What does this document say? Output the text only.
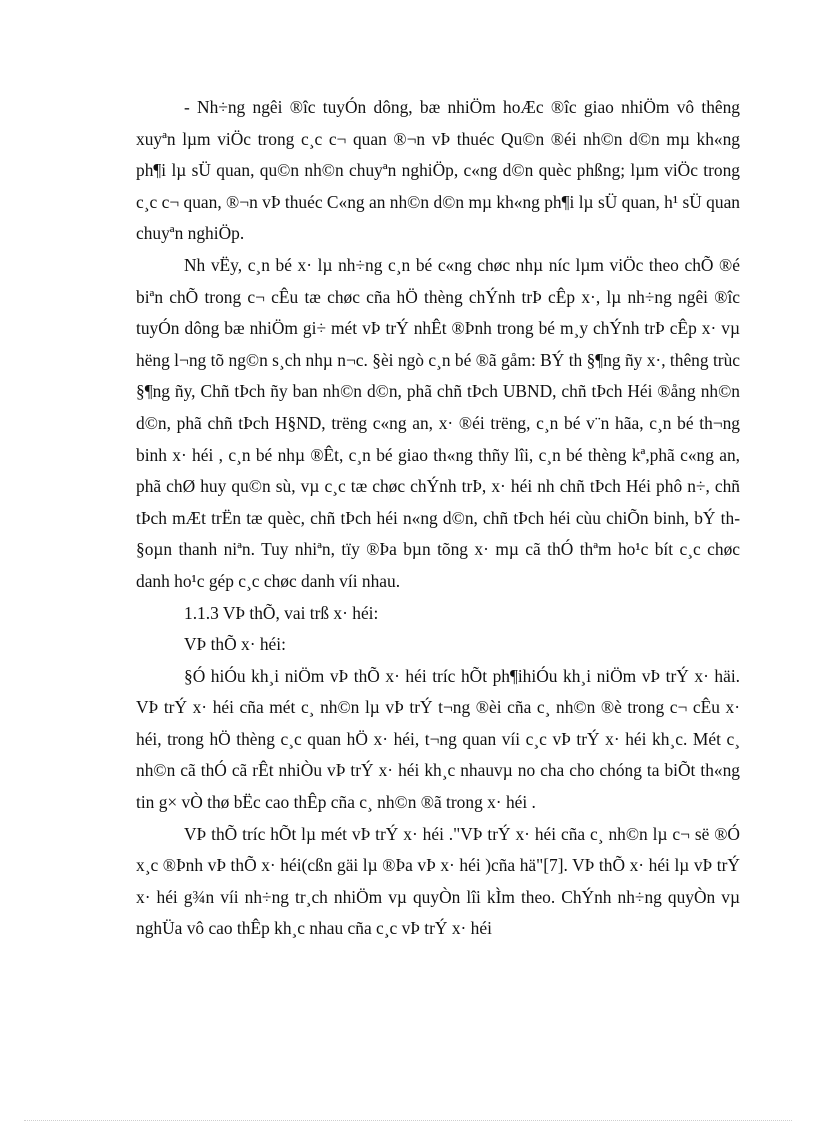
- Nh÷ng ngêi ®îc tuyÓn dông, bæ nhiÖm hoÆc ®îc giao nhiÖm vô thêng xuyªn lµm viÖc trong c¸c c¬ quan ®¬n vÞ thuéc Qu©n ®éi nh©n d©n mµ kh«ng ph¶i lµ sÜ quan, qu©n nh©n chuyªn nghiÖp, c«ng d©n quèc phßng; lµm viÖc trong c¸c c¬ quan, ®¬n vÞ thuéc C«ng an nh©n d©n mµ kh«ng ph¶i lµ sÜ quan, h¹ sÜ quan chuyªn nghiÖp.

Nh vËy, c¸n bé x· lµ nh÷ng c¸n bé c«ng chøc nhµ níc lµm viÖc theo chÕ ®é biªn chÕ trong c¬ cÊu tæ chøc cña hÖ thèng chÝnh trÞ cÊp x·, lµ nh÷ng ngêi ®îc tuyÓn dông bæ nhiÖm gi÷ mét vÞ trÝ nhÊt ®Þnh trong bé m¸y chÝnh trÞ cÊp x· vµ hëng l¬ng tõ ng©n s¸ch nhµ n¬c. §èi ngò c¸n bé ®ã gåm: BÝ th §¶ng ñy x·, thêng trùc §¶ng ñy, Chñ tÞch ñy ban nh©n d©n, phã chñ tÞch UBND, chñ tÞch Héi ®ång nh©n d©n, phã chñ tÞch H§ND, trëng c«ng an, x· ®éi trëng, c¸n bé v¨n hãa, c¸n bé th¬ng binh x· héi , c¸n bé nhµ ®Êt, c¸n bé giao th«ng thñy lîi, c¸n bé thèng kª,phã c«ng an, phã chØ huy qu©n sù, vµ c¸c tæ chøc chÝnh trÞ, x· héi nh chñ tÞch Héi phô n÷, chñ tÞch mÆt trËn tæ quèc, chñ tÞch héi n«ng d©n, chñ tÞch héi cùu chiÕn binh, bÝ th §oµn thanh niªn. Tuy nhiªn, tïy ®Þa bµn tõng x· mµ cã thÓ thªm ho¹c bít c¸c chøc danh ho¹c gép c¸c chøc danh víi nhau.

1.1.3 VÞ thÕ, vai trß x· héi:

VÞ thÕ x· héi:

§Ó hiÓu kh¸i niÖm vÞ thÕ x· héi tríc hÕt ph¶ihiÓu kh¸i niÖm vÞ trÝ x· häi. VÞ trÝ x· héi cña mét c¸ nh©n lµ vÞ trÝ t¬ng ®èi cña c¸ nh©n ®è trong c¬ cÊu x· héi, trong hÖ thèng c¸c quan hÖ x· héi, t¬ng quan víi c¸c vÞ trÝ x· héi kh¸c. Mét c¸ nh©n cã thÓ cã rÊt nhiÒu vÞ trÝ x· héi kh¸c nhauvµ no cha cho chóng ta biÕt th«ng tin g× vÒ thø bËc cao thÊp cña c¸ nh©n ®ã trong x· héi .

VÞ thÕ tríc hÕt lµ mét vÞ trÝ x· héi ."VÞ trÝ x· héi cña c¸ nh©n lµ c¬ së ®Ó x¸c ®Þnh vÞ thÕ x· héi(cßn gäi lµ ®Þa vÞ x· héi )cña hä"[7]. VÞ thÕ x· héi lµ vÞ trÝ x· héi g¾n víi nh÷ng tr¸ch nhiÖm vµ quyÒn lîi kÌm theo. ChÝnh nh÷ng quyÒn vµ nghÜa vô cao thÊp kh¸c nhau cña c¸c vÞ trÝ x· héi
